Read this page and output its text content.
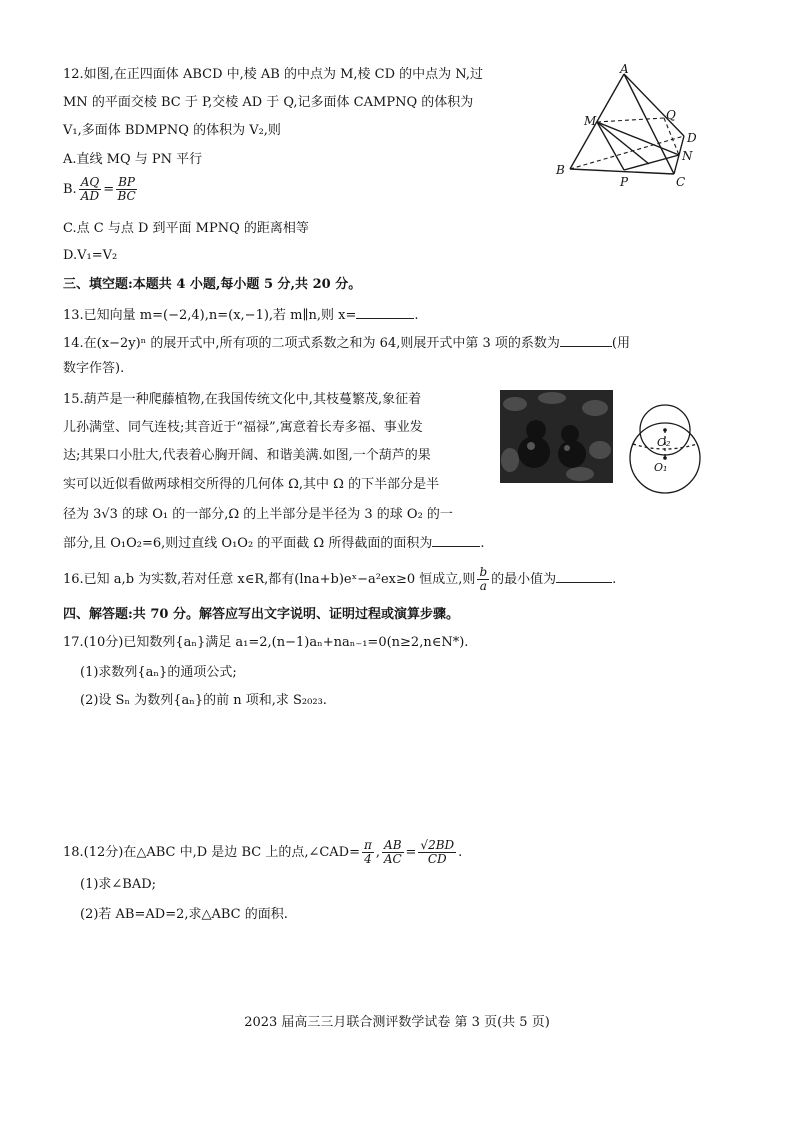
12.如图,在正四面体 ABCD 中,棱 AB 的中点为 M,棱 CD 的中点为 N,过
MN 的平面交棱 BC 于 P,交棱 AD 于 Q,记多面体 CAMPNQ 的体积为
V₁,多面体 BDMPNQ 的体积为 V₂,则
A.直线 MQ 与 PN 平行
B. $\frac{AQ}{AD} = \frac{BP}{BC}$
C.点 C 与点 D 到平面 MPNQ 的距离相等
D.V₁=V₂
A
B
C
D
M
N
P
Q
三、填空题:本题共 4 小题,每小题 5 分,共 20 分。
13.已知向量 m=(−2,4),n=(x,−1),若 m∥n,则 x=	.
14.在(x−2y)ⁿ 的展开式中,所有项的二项式系数之和为 64,则展开式中第 3 项的系数为	(用
数字作答).
15.葫芦是一种爬藤植物,在我国传统文化中,其枝蔓繁茂,象征着
儿孙满堂、同气连枝;其音近于“福禄”,寓意着长寿多福、事业发
达;其果口小肚大,代表着心胸开阔、和谐美满.如图,一个葫芦的果
实可以近似看做两球相交所得的几何体 Ω,其中 Ω 的下半部分是半
径为 3√3 的球 O₁ 的一部分,Ω 的上半部分是半径为 3 的球 O₂ 的一
部分,且 O₁O₂=6,则过直线 O₁O₂ 的平面截 Ω 所得截面的面积为	.
O₂
O₁
16.已知 a,b 为实数,若对任意 x∈R,都有(lna+b)eˣ−a²ex≥0 恒成立,则 $\frac{b}{a}$ 的最小值为	.
四、解答题:共 70 分。解答应写出文字说明、证明过程或演算步骤。
17.(10分)已知数列{aₙ}满足 a₁=2,(n−1)aₙ+naₙ₋₁=0(n≥2,n∈N*).
(1)求数列{aₙ}的通项公式;
(2)设 Sₙ 为数列{aₙ}的前 n 项和,求 S₂₀₂₃.
18.(12分)在△ABC 中,D 是边 BC 上的点,∠CAD= $\frac{\pi}{4}$ , $\frac{AB}{AC} = \frac{√2BD}{CD}$ .
(1)求∠BAD;
(2)若 AB=AD=2,求△ABC 的面积.
2023 届高三三月联合测评数学试卷 第 3 页(共 5 页)
